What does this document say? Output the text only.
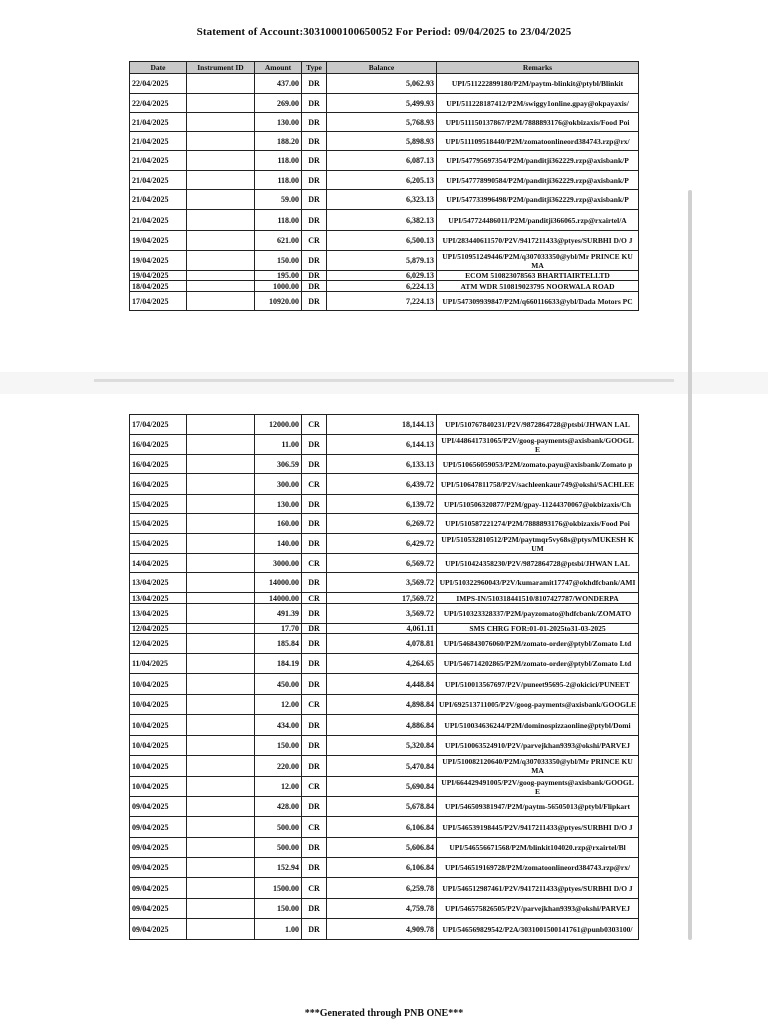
Statement of Account:3031000100650052 For Period: 09/04/2025 to 23/04/2025
Date	Instrument ID	Amount	Type	Balance	Remarks
22/04/2025		437.00	DR	5,062.93	UPI/511222899180/P2M/paytm-blinkit@ptybl/Blinkit
22/04/2025		269.00	DR	5,499.93	UPI/511228187412/P2M/swiggy1online.gpay@okpayaxis/
21/04/2025		130.00	DR	5,768.93	UPI/511150137867/P2M/7888893176@okbizaxis/Food Poi
21/04/2025		188.20	DR	5,898.93	UPI/511109518440/P2M/zomatoonlineord384743.rzp@rx/
21/04/2025		118.00	DR	6,087.13	UPI/547795697354/P2M/panditji362229.rzp@axisbank/P
21/04/2025		118.00	DR	6,205.13	UPI/547778990584/P2M/panditji362229.rzp@axisbank/P
21/04/2025		59.00	DR	6,323.13	UPI/547733996498/P2M/panditji362229.rzp@axisbank/P
21/04/2025		118.00	DR	6,382.13	UPI/547724486011/P2M/panditji366065.rzp@rxairtel/A
19/04/2025		621.00	CR	6,500.13	UPI/283440611570/P2V/9417211433@ptyes/SURBHI D/O J
19/04/2025		150.00	DR	5,879.13	UPI/510951249446/P2M/q307033350@ybl/Mr PRINCE KUMA
19/04/2025		195.00	DR	6,029.13	ECOM 510823078563 BHARTIAIRTELLTD
18/04/2025		1000.00	DR	6,224.13	ATM WDR 510819023795 NOORWALA ROAD
17/04/2025		10920.00	DR	7,224.13	UPI/547309939847/P2M/q660116633@ybl/Dada Motors PC
17/04/2025		12000.00	CR	18,144.13	UPI/510767840231/P2V/9872864728@ptsbi/JHWAN LAL
16/04/2025		11.00	DR	6,144.13	UPI/448641731065/P2V/goog-payments@axisbank/GOOGLE
16/04/2025		306.59	DR	6,133.13	UPI/510656059053/P2M/zomato.payu@axisbank/Zomato p
16/04/2025		300.00	CR	6,439.72	UPI/510647811758/P2V/sachleenkaur749@okshi/SACHLEE
15/04/2025		130.00	DR	6,139.72	UPI/510506320877/P2M/gpay-11244370067@okbizaxis/Ch
15/04/2025		160.00	DR	6,269.72	UPI/510587221274/P2M/7888893176@okbizaxis/Food Poi
15/04/2025		140.00	DR	6,429.72	UPI/510532810512/P2M/paytmqr5vy68s@ptys/MUKESH KUM
14/04/2025		3000.00	CR	6,569.72	UPI/510424358230/P2V/9872864728@ptsbi/JHWAN LAL
13/04/2025		14000.00	DR	3,569.72	UPI/510322960043/P2V/kumaramit17747@okhdfcbank/AMI
13/04/2025		14000.00	CR	17,569.72	IMPS-IN/510318441510/8107427787/WONDERPA
13/04/2025		491.39	DR	3,569.72	UPI/510323328337/P2M/payzomato@hdfcbank/ZOMATO
12/04/2025		17.70	DR	4,061.11	SMS CHRG FOR:01-01-2025to31-03-2025
12/04/2025		185.84	DR	4,078.81	UPI/546843076060/P2M/zomato-order@ptybl/Zomato Ltd
11/04/2025		184.19	DR	4,264.65	UPI/546714202865/P2M/zomato-order@ptybl/Zomato Ltd
10/04/2025		450.00	DR	4,448.84	UPI/510013567697/P2V/puneet95695-2@okicici/PUNEET
10/04/2025		12.00	CR	4,898.84	UPI/692513711005/P2V/goog-payments@axisbank/GOOGLE
10/04/2025		434.00	DR	4,886.84	UPI/510034636244/P2M/dominospizzaonline@ptybl/Domi
10/04/2025		150.00	DR	5,320.84	UPI/510063524910/P2V/parvejkhan9393@okshi/PARVEJ
10/04/2025		220.00	DR	5,470.84	UPI/510082120640/P2M/q307033350@ybl/Mr PRINCE KUMA
10/04/2025		12.00	CR	5,690.84	UPI/664429491005/P2V/goog-payments@axisbank/GOOGLE
09/04/2025		428.00	DR	5,678.84	UPI/546509381947/P2M/paytm-56505013@ptybl/Flipkart
09/04/2025		500.00	CR	6,106.84	UPI/546539198445/P2V/9417211433@ptyes/SURBHI D/O J
09/04/2025		500.00	DR	5,606.84	UPI/546556671568/P2M/blinkit104020.rzp@rxairtel/Bl
09/04/2025		152.94	DR	6,106.84	UPI/546519169728/P2M/zomatoonlineord384743.rzp@rx/
09/04/2025		1500.00	CR	6,259.78	UPI/546512987461/P2V/9417211433@ptyes/SURBHI D/O J
09/04/2025		150.00	DR	4,759.78	UPI/546575826505/P2V/parvejkhan9393@okshi/PARVEJ
09/04/2025		1.00	DR	4,909.78	UPI/546569829542/P2A/3031001500141761@punb0303100/
***Generated through PNB ONE***
